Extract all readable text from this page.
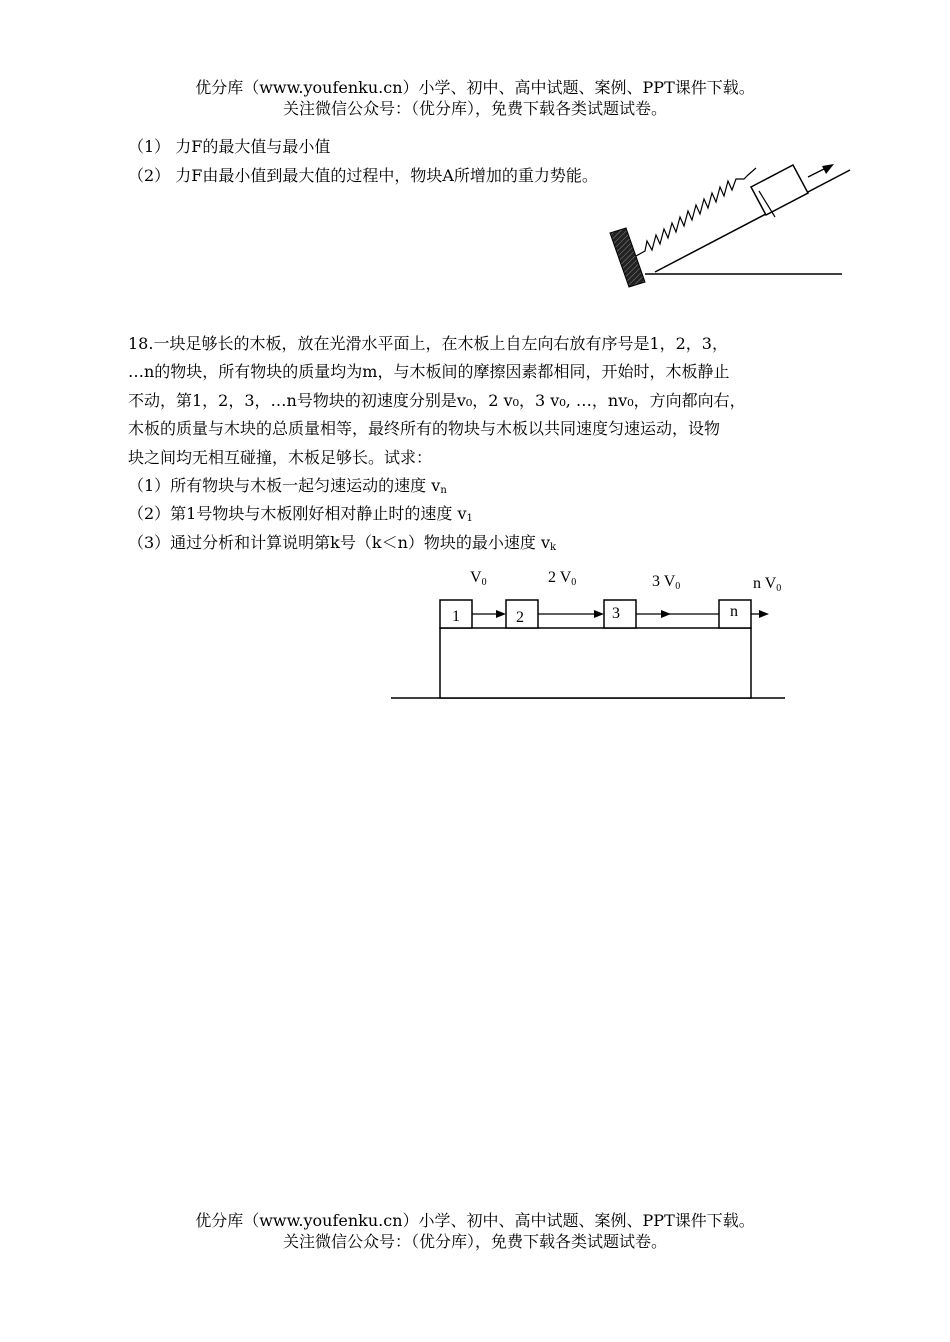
优分库（www.youfenku.cn）小学、初中、高中试题、案例、PPT课件下载。
关注微信公众号：（优分库），免费下载各类试题试卷。
（1） 力F的最大值与最小值
（2） 力F由最小值到最大值的过程中，物块A所增加的重力势能。
18.一块足够长的木板，放在光滑水平面上，在木板上自左向右放有序号是1，2，3，
…n的物块，所有物块的质量均为m，与木板间的摩擦因素都相同，开始时，木板静止
不动，第1，2，3，…n号物块的初速度分别是v₀，2 v₀，3 v₀, …，nv₀，方向都向右，
木板的质量与木块的总质量相等，最终所有的物块与木板以共同速度匀速运动，设物
块之间均无相互碰撞，木板足够长。试求：
（1）所有物块与木板一起匀速运动的速度 $v_n$
（2）第1号物块与木板刚好相对静止时的速度 $v_1$
（3）通过分析和计算说明第k号（k＜n）物块的最小速度 $v_k$
V0	2 V0	3 V0	n V0
1	2	3	n
优分库（www.youfenku.cn）小学、初中、高中试题、案例、PPT课件下载。
关注微信公众号：（优分库），免费下载各类试题试卷。
